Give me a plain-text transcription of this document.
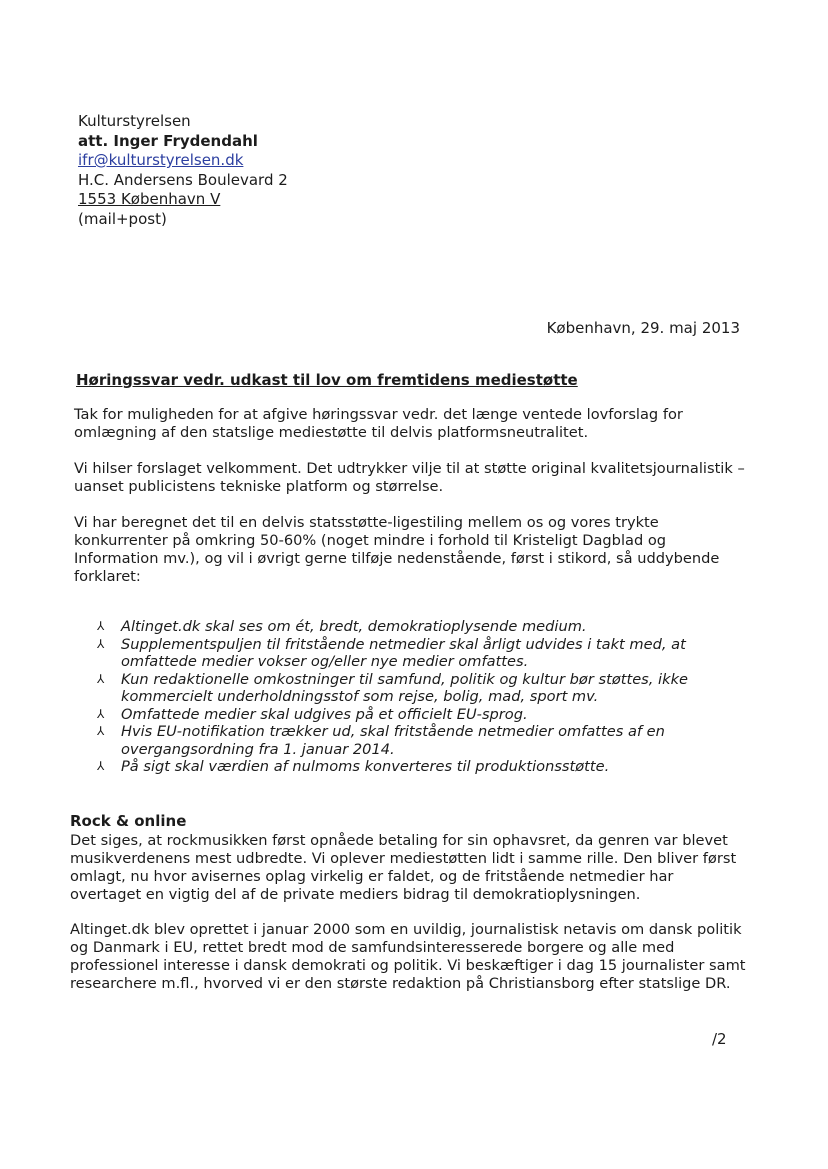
Kulturstyrelsen
att. Inger Frydendahl
ifr@kulturstyrelsen.dk
H.C. Andersens Boulevard 2
1553 København V
(mail+post)
København, 29. maj 2013
Høringssvar vedr. udkast til lov om fremtidens mediestøtte

Tak for muligheden for at afgive høringssvar vedr. det længe ventede lovforslag for omlægning af den statslige mediestøtte til delvis platformsneutralitet.

Vi hilser forslaget velkomment. Det udtrykker vilje til at støtte original kvalitetsjournalistik – uanset publicistens tekniske platform og størrelse.

Vi har beregnet det til en delvis statsstøtte-ligestiling mellem os og vores trykte konkurrenter på omkring 50-60% (noget mindre i forhold til Kristeligt Dagblad og Information mv.), og vil i øvrigt gerne tilføje nedenstående, først i stikord, så uddybende forklaret:

⅄ Altinget.dk skal ses om ét, bredt, demokratioplysende medium.
⅄ Supplementspuljen til fritstående netmedier skal årligt udvides i takt med, at omfattede medier vokser og/eller nye medier omfattes.
⅄ Kun redaktionelle omkostninger til samfund, politik og kultur bør støttes, ikke kommercielt underholdningsstof som rejse, bolig, mad, sport mv.
⅄ Omfattede medier skal udgives på et officielt EU-sprog.
⅄ Hvis EU-notifikation trækker ud, skal fritstående netmedier omfattes af en overgangsordning fra 1. januar 2014.
⅄ På sigt skal værdien af nulmoms konverteres til produktionsstøtte.
Rock & online

Det siges, at rockmusikken først opnåede betaling for sin ophavsret, da genren var blevet musikverdenens mest udbredte. Vi oplever mediestøtten lidt i samme rille. Den bliver først omlagt, nu hvor avisernes oplag virkelig er faldet, og de fritstående netmedier har overtaget en vigtig del af de private mediers bidrag til demokratioplysningen.

Altinget.dk blev oprettet i januar 2000 som en uvildig, journalistisk netavis om dansk politik og Danmark i EU, rettet bredt mod de samfundsinteresserede borgere og alle med professionel interesse i dansk demokrati og politik. Vi beskæftiger i dag 15 journalister samt researchere m.fl., hvorved vi er den største redaktion på Christiansborg efter statslige DR.

/2
